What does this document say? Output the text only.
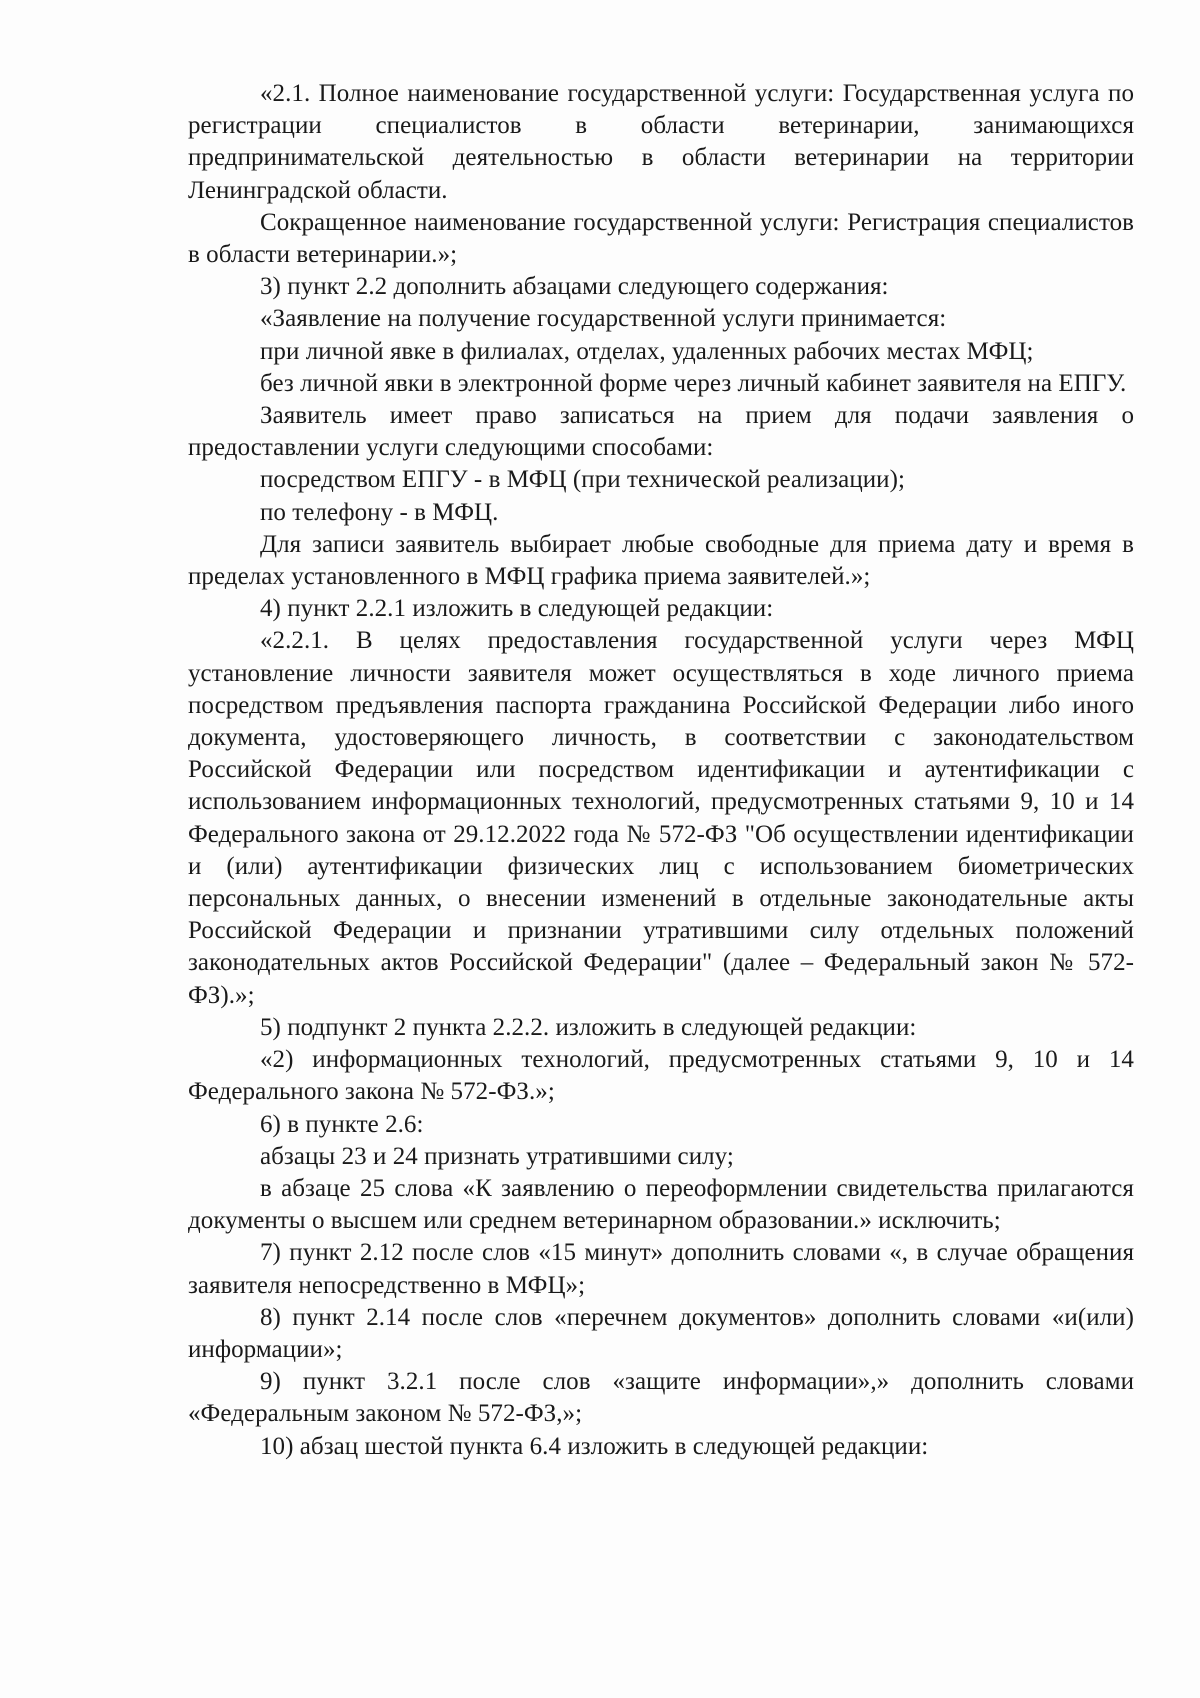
«2.1. Полное наименование государственной услуги: Государственная услуга по регистрации специалистов в области ветеринарии, занимающихся предпринимательской деятельностью в области ветеринарии на территории Ленинградской области.

Сокращенное наименование государственной услуги: Регистрация специалистов в области ветеринарии.»;

3) пункт 2.2 дополнить абзацами следующего содержания:

«Заявление на получение государственной услуги принимается:

при личной явке в филиалах, отделах, удаленных рабочих местах МФЦ;

без личной явки в электронной форме через личный кабинет заявителя на ЕПГУ.

Заявитель имеет право записаться на прием для подачи заявления о предоставлении услуги следующими способами:

посредством ЕПГУ - в МФЦ (при технической реализации);

по телефону - в МФЦ.

Для записи заявитель выбирает любые свободные для приема дату и время в пределах установленного в МФЦ графика приема заявителей.»;

4) пункт 2.2.1 изложить в следующей редакции:

«2.2.1. В целях предоставления государственной услуги через МФЦ установление личности заявителя может осуществляться в ходе личного приема посредством предъявления паспорта гражданина Российской Федерации либо иного документа, удостоверяющего личность, в соответствии с законодательством Российской Федерации или посредством идентификации и аутентификации с использованием информационных технологий, предусмотренных статьями 9, 10 и 14 Федерального закона от 29.12.2022 года № 572-ФЗ "Об осуществлении идентификации и (или) аутентификации физических лиц с использованием биометрических персональных данных, о внесении изменений в отдельные законодательные акты Российской Федерации и признании утратившими силу отдельных положений законодательных актов Российской Федерации" (далее – Федеральный закон № 572-ФЗ).»;

5) подпункт 2 пункта 2.2.2. изложить в следующей редакции:

«2) информационных технологий, предусмотренных статьями 9, 10 и 14 Федерального закона № 572-ФЗ.»;

6) в пункте 2.6:

абзацы 23 и 24 признать утратившими силу;

в абзаце 25 слова «К заявлению о переоформлении свидетельства прилагаются документы о высшем или среднем ветеринарном образовании.» исключить;

7) пункт 2.12 после слов «15 минут» дополнить словами «, в случае обращения заявителя непосредственно в МФЦ»;

8) пункт 2.14 после слов «перечнем документов» дополнить словами «и(или) информации»;

9) пункт 3.2.1 после слов «защите информации»,» дополнить словами «Федеральным законом № 572-ФЗ,»;

10) абзац шестой пункта 6.4 изложить в следующей редакции:
